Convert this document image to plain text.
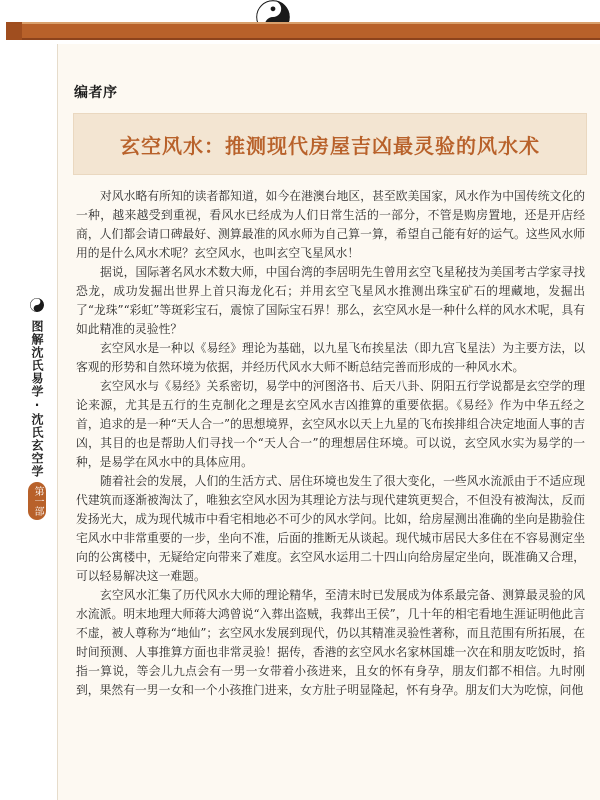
编者序
玄空风水：推测现代房屋吉凶最灵验的风水术
图解沈氏易学·沈氏玄空学
第一部

对风水略有所知的读者都知道，如今在港澳台地区，甚至欧美国家，风水作为中国传统文化的一种，越来越受到重视，看风水已经成为人们日常生活的一部分，不管是购房置地，还是开店经商，人们都会请口碑最好、测算最准的风水师为自己算一算，希望自己能有好的运气。这些风水师用的是什么风水术呢？玄空风水，也叫玄空飞星风水！

据说，国际著名风水术数大师，中国台湾的李居明先生曾用玄空飞星秘技为美国考古学家寻找恐龙，成功发掘出世界上首只海龙化石；并用玄空飞星风水推测出珠宝矿石的埋藏地，发掘出了“龙珠”“彩虹”等斑彩宝石，震惊了国际宝石界！那么，玄空风水是一种什么样的风水术呢，具有如此精准的灵验性？

玄空风水是一种以《易经》理论为基础，以九星飞布挨星法（即九宫飞星法）为主要方法，以客观的形势和自然环境为依据，并经历代风水大师不断总结完善而形成的一种风水术。

玄空风水与《易经》关系密切，易学中的河图洛书、后天八卦、阴阳五行学说都是玄空学的理论来源，尤其是五行的生克制化之理是玄空风水吉凶推算的重要依据。《易经》作为中华五经之首，追求的是一种“天人合一”的思想境界，玄空风水以天上九星的飞布挨排组合决定地面人事的吉凶，其目的也是帮助人们寻找一个“天人合一”的理想居住环境。可以说，玄空风水实为易学的一种，是易学在风水中的具体应用。

随着社会的发展，人们的生活方式、居住环境也发生了很大变化，一些风水流派由于不适应现代建筑而逐渐被淘汰了，唯独玄空风水因为其理论方法与现代建筑更契合，不但没有被淘汰，反而发扬光大，成为现代城市中看宅相地必不可少的风水学问。比如，给房屋测出准确的坐向是勘验住宅风水中非常重要的一步，坐向不准，后面的推断无从谈起。现代城市居民大多住在不容易测定坐向的公寓楼中，无疑给定向带来了难度。玄空风水运用二十四山向给房屋定坐向，既准确又合理，可以轻易解决这一难题。

玄空风水汇集了历代风水大师的理论精华，至清末时已发展成为体系最完备、测算最灵验的风水流派。明末地理大师蒋大鸿曾说“入葬出盗贼，我葬出王侯”，几十年的相宅看地生涯证明他此言不虚，被人尊称为“地仙”；玄空风水发展到现代，仍以其精准灵验性著称，而且范围有所拓展，在时间预测、人事推算方面也非常灵验！据传，香港的玄空风水名家林国雄一次在和朋友吃饭时，掐指一算说，等会儿九点会有一男一女带着小孩进来，且女的怀有身孕，朋友们都不相信。九时刚到，果然有一男一女和一个小孩推门进来，女方肚子明显隆起，怀有身孕。朋友们大为吃惊，问他
